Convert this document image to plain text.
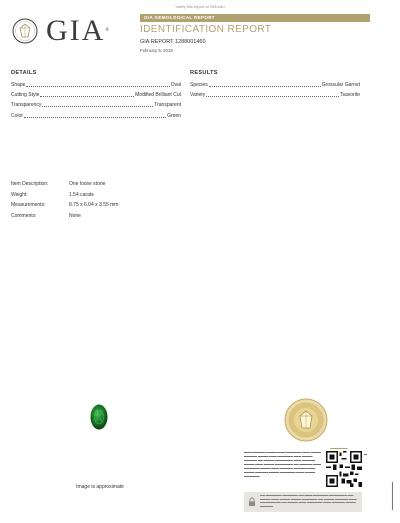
Verify this report at GIA.edu
GIA®
GIA GEMOLOGICAL REPORT
IDENTIFICATION REPORT
GIA REPORT 1288001460
February 5, 2018
DETAILS
Shape	Oval
Cutting Style	Modified Brilliant Cut
Transparency	Transparent
Color	Green
RESULTS
Species	Grossular Garnet
Variety	Tsavorite
Item Description:	One loose stone
Weight:	1.54 carats
Measurements:	8.75 x 6.04 x 3.55 mm
Comments:	None
Image is approximate
▬▬▬▬▬
▬▬▬ ▬▬▬▬▬ ▬▬▬▬ ▬▬▬ ▬▬▬▬▬▬ ▬▬▬ ▬▬▬▬ ▬▬▬▬▬ ▬▬▬▬ ▬▬▬ ▬▬▬▬▬▬ ▬▬▬ ▬▬▬▬ ▬▬▬▬▬ ▬▬ ▬▬▬▬ ▬▬▬▬▬▬▬ ▬▬▬ ▬▬▬▬▬ ▬▬▬▬ ▬▬▬ ▬▬▬▬ ▬▬▬▬▬▬▬ ▬▬ ▬▬▬▬▬ ▬▬▬ ▬▬▬▬▬▬ ▬▬▬▬ ▬▬▬ ▬▬▬▬▬ ▬▬▬▬▬ ▬▬▬ ▬▬▬▬ ▬▬▬▬▬ ▬▬▬▬ ▬▬▬▬▬▬ ▬▬▬ ▬▬▬▬ ▬▬▬▬▬▬
▬
▬▬ ▬▬▬▬▬▬ ▬▬▬▬▬▬ ▬▬ ▬▬▬ ▬▬▬▬▬▬ ▬▬▬▬▬▬▬ ▬▬ ▬▬▬▬ ▬▬▬ ▬▬▬▬ ▬▬▬▬ ▬▬▬▬▬▬ ▬▬ ▬▬▬▬ ▬▬▬▬▬ ▬▬▬ ▬▬▬▬▬▬▬▬ ▬▬ ▬▬▬▬ ▬▬▬ ▬▬▬▬▬▬ ▬▬▬ ▬▬▬▬▬ ▬▬▬▬ ▬▬▬▬▬	▬▬▬▬▬▬▬▬
